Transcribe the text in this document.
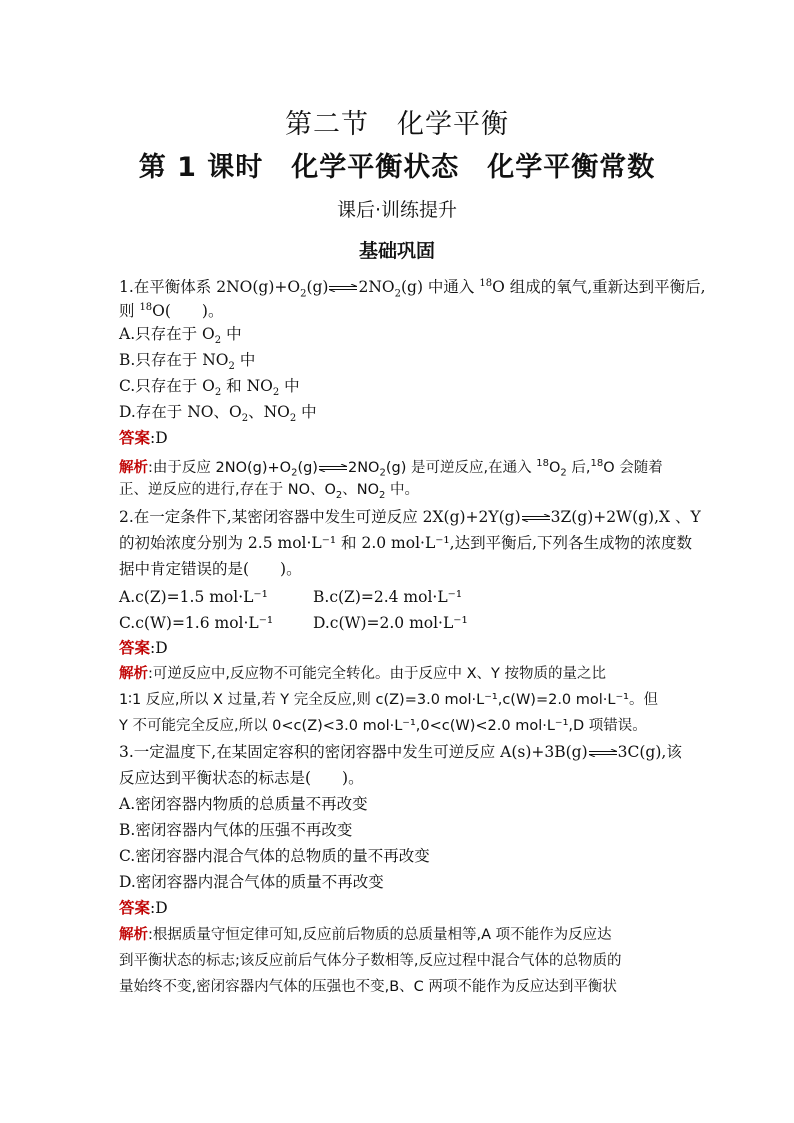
第二节　化学平衡
第 1 课时　化学平衡状态　化学平衡常数
课后·训练提升
基础巩固
1.在平衡体系 $2NO(g)+O_2(g)\rightleftharpoons 2NO_2(g)$ 中通入 $^{18}$O 组成的氧气,重新达到平衡后,
则 $^{18}$O(　　)。
A.只存在于 $O_2$ 中
B.只存在于 $NO_2$ 中
C.只存在于 $O_2$ 和 $NO_2$ 中
D.存在于 NO、$O_2$、$NO_2$ 中
答案:D
解析:由于反应 $2NO(g)+O_2(g)\rightleftharpoons 2NO_2(g)$ 是可逆反应,在通入 $^{18}O_2$ 后,$^{18}$O 会随着
正、逆反应的进行,存在于 NO、$O_2$、$NO_2$ 中。
2.在一定条件下,某密闭容器中发生可逆反应 2X(g)+2Y(g)⇌3Z(g)+2W(g),X 、Y
的初始浓度分别为 2.5 mol·L⁻¹ 和 2.0 mol·L⁻¹,达到平衡后,下列各生成物的浓度数
据中肯定错误的是(　　)。
A.c(Z)=1.5 mol·L⁻¹	B.c(Z)=2.4 mol·L⁻¹
C.c(W)=1.6 mol·L⁻¹	D.c(W)=2.0 mol·L⁻¹
答案:D
解析:可逆反应中,反应物不可能完全转化。由于反应中 X、Y 按物质的量之比
1∶1 反应,所以 X 过量,若 Y 完全反应,则 c(Z)=3.0 mol·L⁻¹,c(W)=2.0 mol·L⁻¹。但
Y 不可能完全反应,所以 0<c(Z)<3.0 mol·L⁻¹,0<c(W)<2.0 mol·L⁻¹,D 项错误。
3.一定温度下,在某固定容积的密闭容器中发生可逆反应 A(s)+3B(g)⇌3C(g),该
反应达到平衡状态的标志是(　　)。
A.密闭容器内物质的总质量不再改变
B.密闭容器内气体的压强不再改变
C.密闭容器内混合气体的总物质的量不再改变
D.密闭容器内混合气体的质量不再改变
答案:D
解析:根据质量守恒定律可知,反应前后物质的总质量相等,A 项不能作为反应达
到平衡状态的标志;该反应前后气体分子数相等,反应过程中混合气体的总物质的
量始终不变,密闭容器内气体的压强也不变,B、C 两项不能作为反应达到平衡状
